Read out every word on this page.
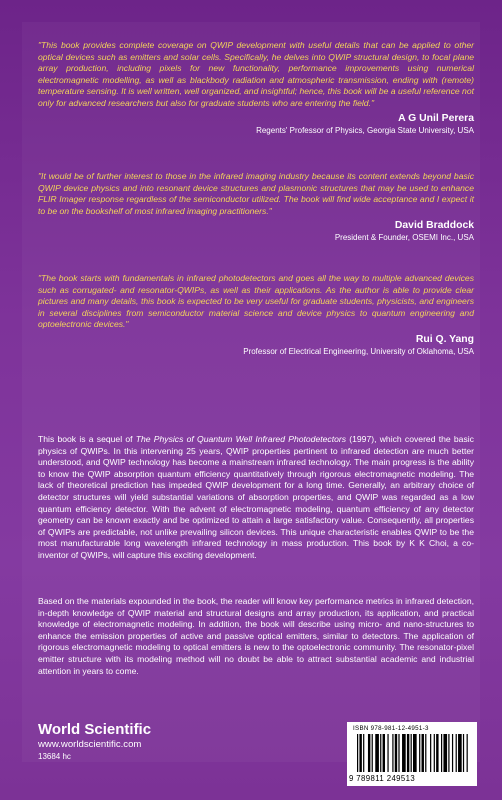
"This book provides complete coverage on QWIP development with useful details that can be applied to other optical devices such as emitters and solar cells. Specifically, he delves into QWIP structural design, to focal plane array production, including pixels for new functionality, performance improvements using numerical electromagnetic modelling, as well as blackbody radiation and atmospheric transmission, ending with (remote) temperature sensing. It is well written, well organized, and insightful; hence, this book will be a useful reference not only for advanced researchers but also for graduate students who are entering the field."

A G Unil Perera

Regents' Professor of Physics, Georgia State University, USA

"It would be of further interest to those in the infrared imaging industry because its content extends beyond basic QWIP device physics and into resonant device structures and plasmonic structures that may be used to enhance FLIR Imager response regardless of the semiconductor utilized. The book will find wide acceptance and I expect it to be on the bookshelf of most infrared imaging practitioners."

David Braddock

President & Founder, OSEMI Inc., USA

"The book starts with fundamentals in infrared photodetectors and goes all the way to multiple advanced devices such as corrugated- and resonator-QWIPs, as well as their applications. As the author is able to provide clear pictures and many details, this book is expected to be very useful for graduate students, physicists, and engineers in several disciplines from semiconductor material science and device physics to quantum engineering and optoelectronic devices."

Rui Q. Yang

Professor of Electrical Engineering, University of Oklahoma, USA

This book is a sequel of The Physics of Quantum Well Infrared Photodetectors (1997), which covered the basic physics of QWIPs. In this intervening 25 years, QWIP properties pertinent to infrared detection are much better understood, and QWIP technology has become a mainstream infrared technology. The main progress is the ability to know the QWIP absorption quantum efficiency quantitatively through rigorous electromagnetic modeling. The lack of theoretical prediction has impeded QWIP development for a long time. Generally, an arbitrary choice of detector structures will yield substantial variations of absorption properties, and QWIP was regarded as a low quantum efficiency detector. With the advent of electromagnetic modeling, quantum efficiency of any detector geometry can be known exactly and be optimized to attain a large satisfactory value. Consequently, all properties of QWIPs are predictable, not unlike prevailing silicon devices. This unique characteristic enables QWIP to be the most manufacturable long wavelength infrared technology in mass production. This book by K K Choi, a co-inventor of QWIPs, will capture this exciting development.

Based on the materials expounded in the book, the reader will know key performance metrics in infrared detection, in-depth knowledge of QWIP material and structural designs and array production, its application, and practical knowledge of electromagnetic modeling. In addition, the book will describe using micro- and nano-structures to enhance the emission properties of active and passive optical emitters, similar to detectors. The application of rigorous electromagnetic modeling to optical emitters is new to the optoelectronic community. The resonator-pixel emitter structure with its modeling method will no doubt be able to attract substantial academic and industrial attention in years to come.

World Scientific

www.worldscientific.com

13684 hc

ISBN 978-981-12-4951-3
9 789811 249513
